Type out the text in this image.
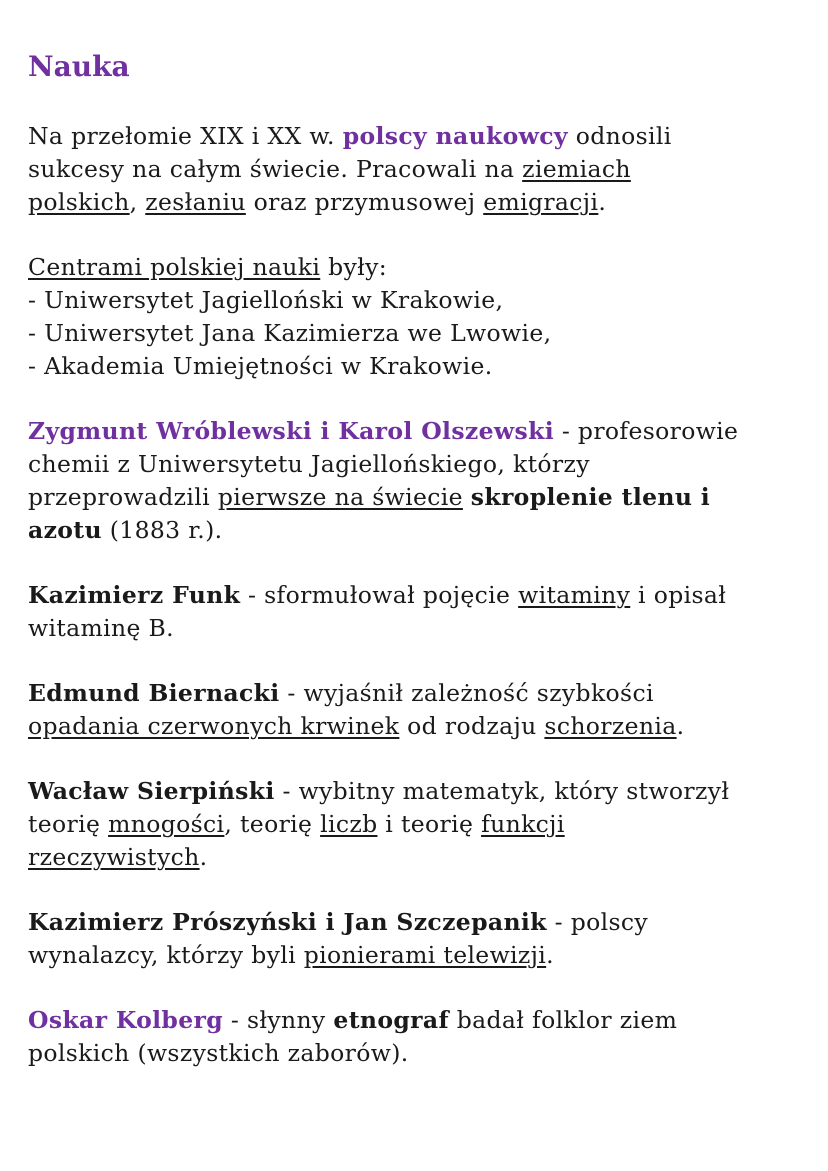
Nauka

Na przełomie XIX i XX w. polscy naukowcy odnosili
sukcesy na całym świecie. Pracowali na ziemiach
polskich, zesłaniu oraz przymusowej emigracji.

Centrami polskiej nauki były:
- Uniwersytet Jagielloński w Krakowie,
- Uniwersytet Jana Kazimierza we Lwowie,
- Akademia Umiejętności w Krakowie.

Zygmunt Wróblewski i Karol Olszewski - profesorowie
chemii z Uniwersytetu Jagiellońskiego, którzy
przeprowadzili pierwsze na świecie skroplenie tlenu i
azotu (1883 r.).

Kazimierz Funk - sformułował pojęcie witaminy i opisał
witaminę B.

Edmund Biernacki - wyjaśnił zależność szybkości
opadania czerwonych krwinek od rodzaju schorzenia.

Wacław Sierpiński - wybitny matematyk, który stworzył
teorię mnogości, teorię liczb i teorię funkcji
rzeczywistych.

Kazimierz Prószyński i Jan Szczepanik - polscy
wynalazcy, którzy byli pionierami telewizji.

Oskar Kolberg - słynny etnograf badał folklor ziem
polskich (wszystkich zaborów).
